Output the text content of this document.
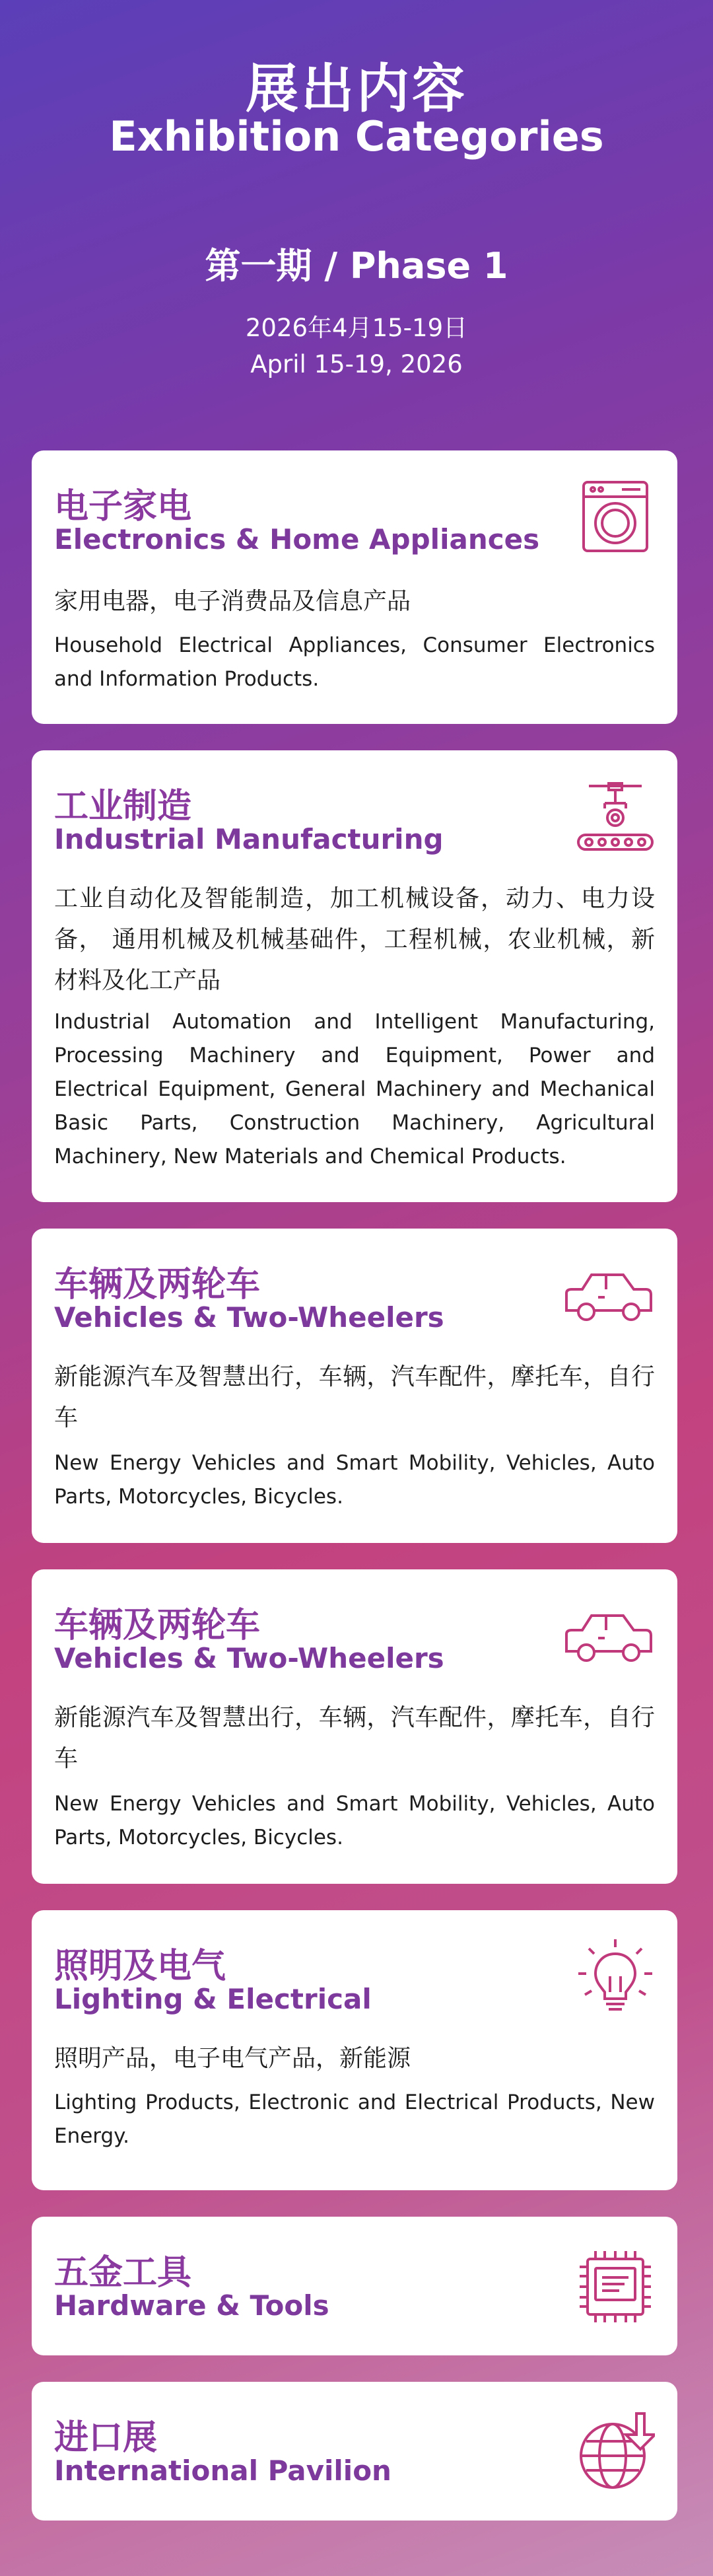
展出内容
Exhibition Categories
第一期 / Phase 1
2026年4月15-19日
April 15-19, 2026
电子家电
Electronics & Home Appliances
家用电器，电子消费品及信息产品
Household Electrical Appliances, Consumer Electronics and Information Products.
工业制造
Industrial Manufacturing
工业自动化及智能制造，加工机械设备，动力、电力设备， 通用机械及机械基础件，工程机械，农业机械，新材料及化工产品
Industrial Automation and Intelligent Manufacturing, Processing Machinery and Equipment, Power and Electrical Equipment, General Machinery and Mechanical Basic Parts, Construction Machinery, Agricultural Machinery, New Materials and Chemical Products.
车辆及两轮车
Vehicles & Two-Wheelers
新能源汽车及智慧出行，车辆，汽车配件，摩托车，自行车
New Energy Vehicles and Smart Mobility, Vehicles, Auto Parts, Motorcycles, Bicycles.
车辆及两轮车
Vehicles & Two-Wheelers
新能源汽车及智慧出行，车辆，汽车配件，摩托车，自行车
New Energy Vehicles and Smart Mobility, Vehicles, Auto Parts, Motorcycles, Bicycles.
照明及电气
Lighting & Electrical
照明产品，电子电气产品，新能源
Lighting Products, Electronic and Electrical Products, New Energy.
五金工具
Hardware & Tools
进口展
International Pavilion
